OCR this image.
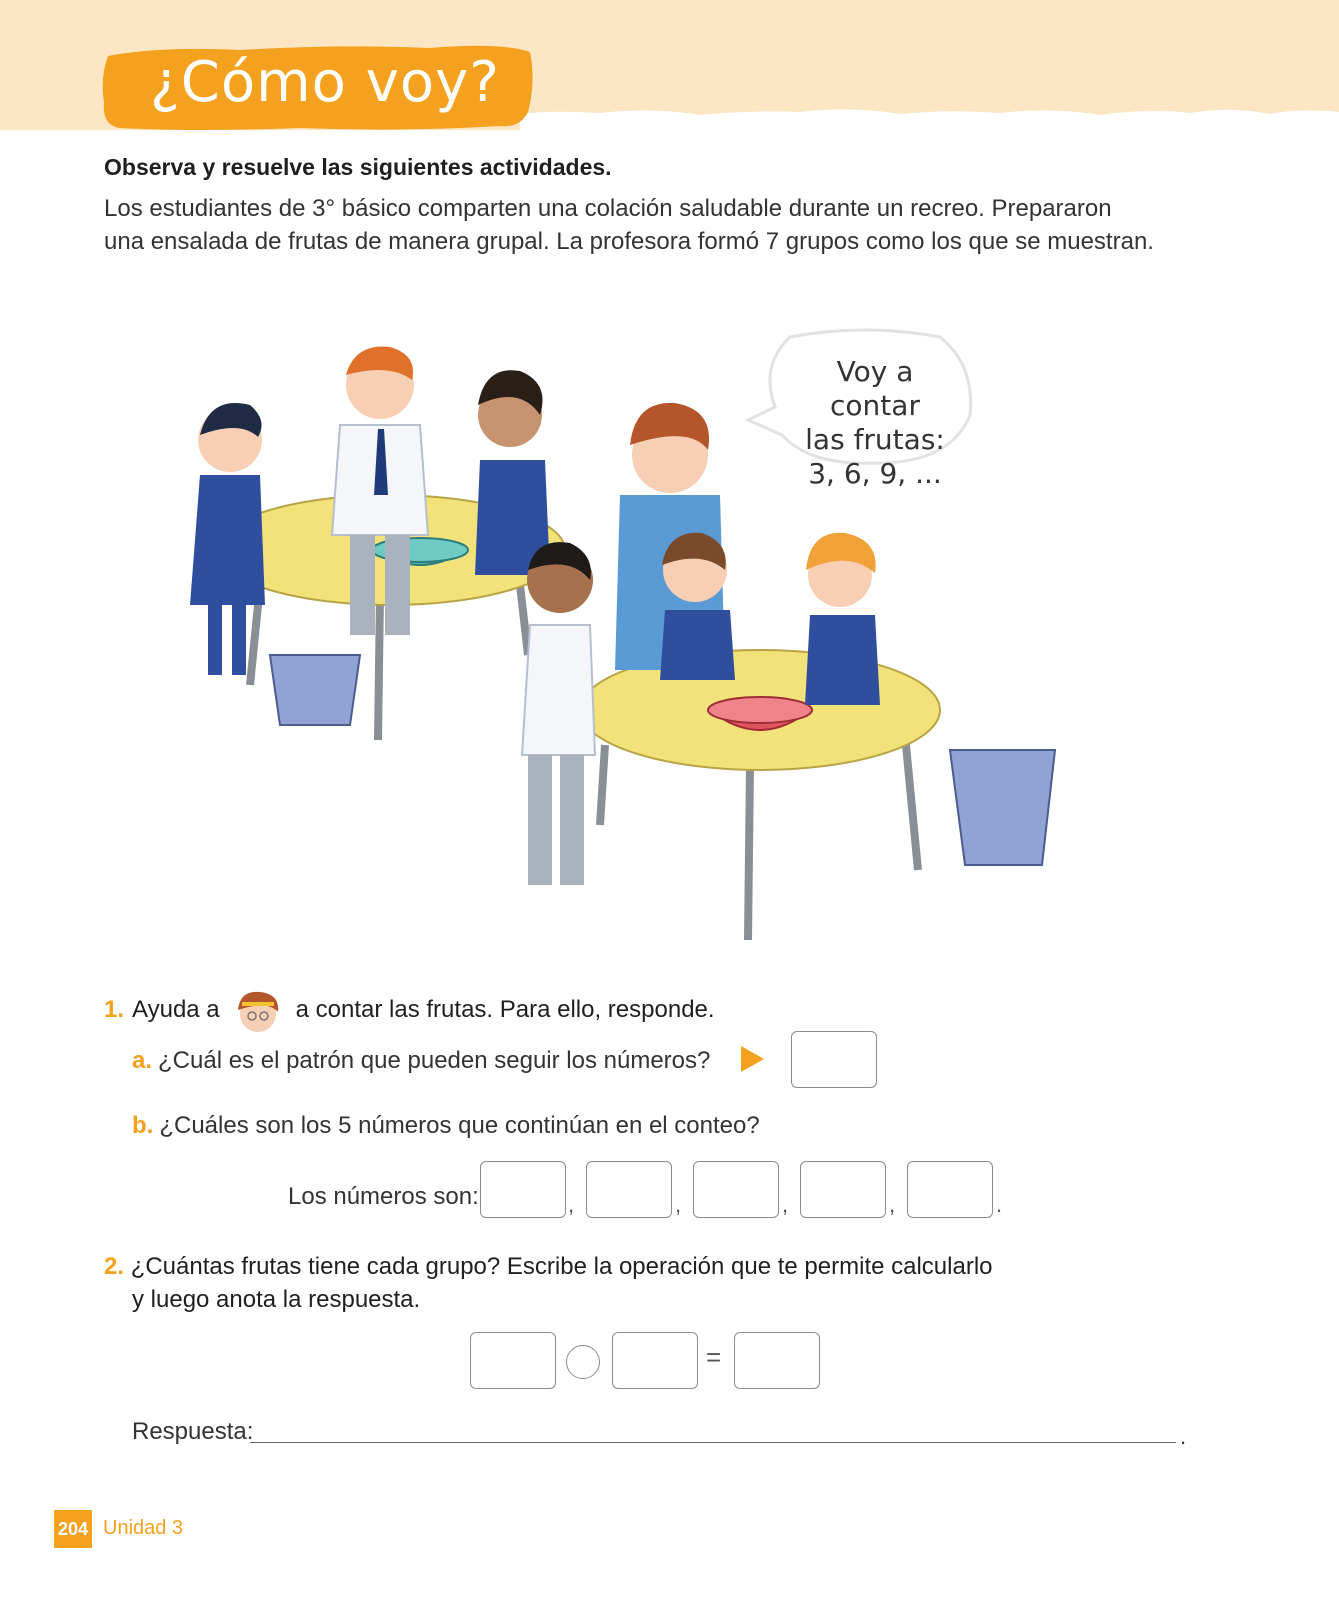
¿Cómo voy?
Observa y resuelve las siguientes actividades.
Los estudiantes de 3° básico comparten una colación saludable durante un recreo. Prepararon
una ensalada de frutas de manera grupal. La profesora formó 7 grupos como los que se muestran.
Voy a contar
las frutas:
3, 6, 9, ...
1. Ayuda a	a contar las frutas. Para ello, responde.
a. ¿Cuál es el patrón que pueden seguir los números?
b. ¿Cuáles son los 5 números que continúan en el conteo?
Los números son:	,	,	,	,	.
2. ¿Cuántas frutas tiene cada grupo? Escribe la operación que te permite calcularlo
y luego anota la respuesta.
=
Respuesta:	.
204 Unidad 3
